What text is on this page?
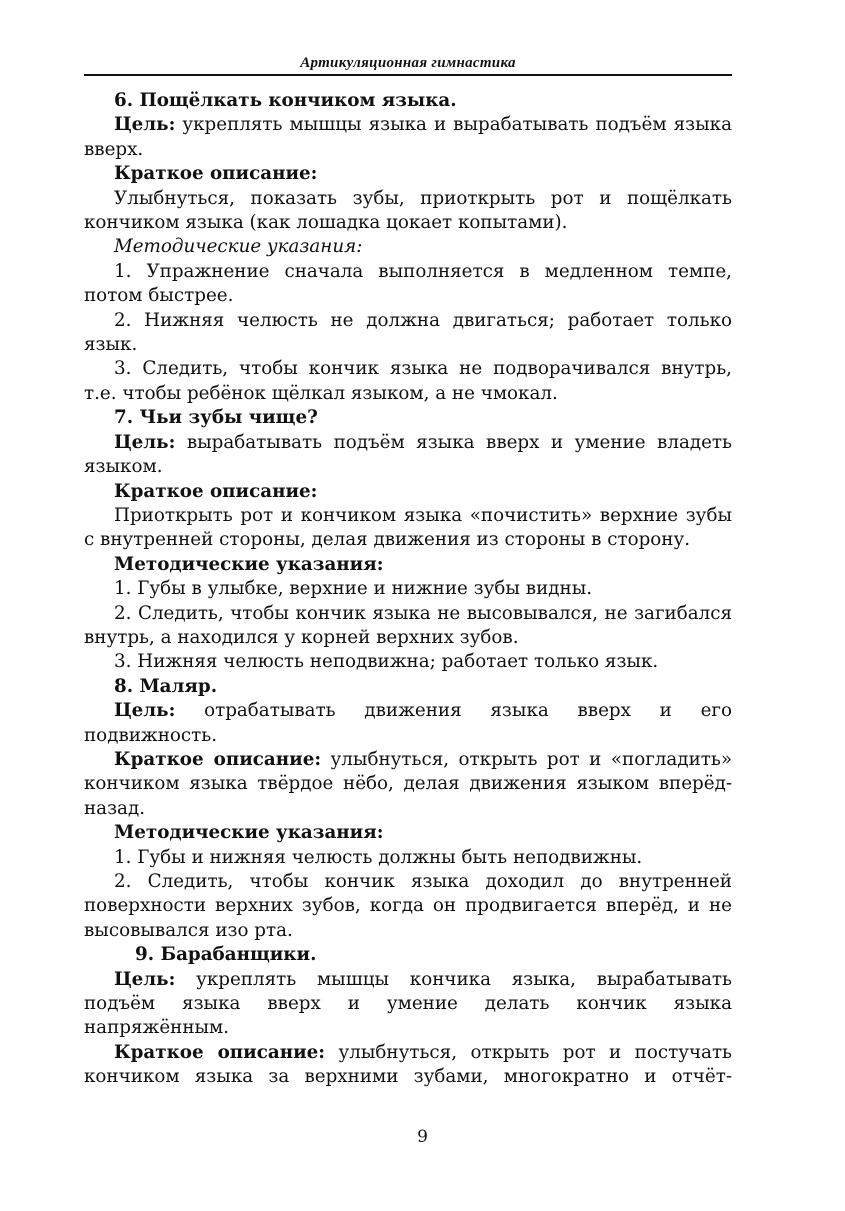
Артикуляционная гимнастика

6. Пощёлкать кончиком языка.

Цель: укреплять мышцы языка и вырабатывать подъём языка вверх.

Краткое описание:

Улыбнуться, показать зубы, приоткрыть рот и пощёлкать кончиком языка (как лошадка цокает копытами).

Методические указания:

1. Упражнение сначала выполняется в медленном темпе, потом быстрее.

2. Нижняя челюсть не должна двигаться; работает только язык.

3. Следить, чтобы кончик языка не подворачивался внутрь, т.е. чтобы ребёнок щёлкал языком, а не чмокал.

7. Чьи зубы чище?

Цель: вырабатывать подъём языка вверх и умение владеть языком.

Краткое описание:

Приоткрыть рот и кончиком языка «почистить» верхние зубы с внутренней стороны, делая движения из стороны в сторону.

Методические указания:

1. Губы в улыбке, верхние и нижние зубы видны.

2. Следить, чтобы кончик языка не высовывался, не загибался внутрь, а находился у корней верхних зубов.

3. Нижняя челюсть неподвижна; работает только язык.

8. Маляр.

Цель: отрабатывать движения языка вверх и его подвижность.

Краткое описание: улыбнуться, открыть рот и «погладить» кончиком языка твёрдое нёбо, делая движения языком вперёд-назад.

Методические указания:

1. Губы и нижняя челюсть должны быть неподвижны.

2. Следить, чтобы кончик языка доходил до внутренней поверхности верхних зубов, когда он продвигается вперёд, и не высовывался изо рта.

9. Барабанщики.

Цель: укреплять мышцы кончика языка, вырабатывать подъём языка вверх и умение делать кончик языка напряжённым.

Краткое описание: улыбнуться, открыть рот и постучать кончиком языка за верхними зубами, многократно и отчёт-

9
